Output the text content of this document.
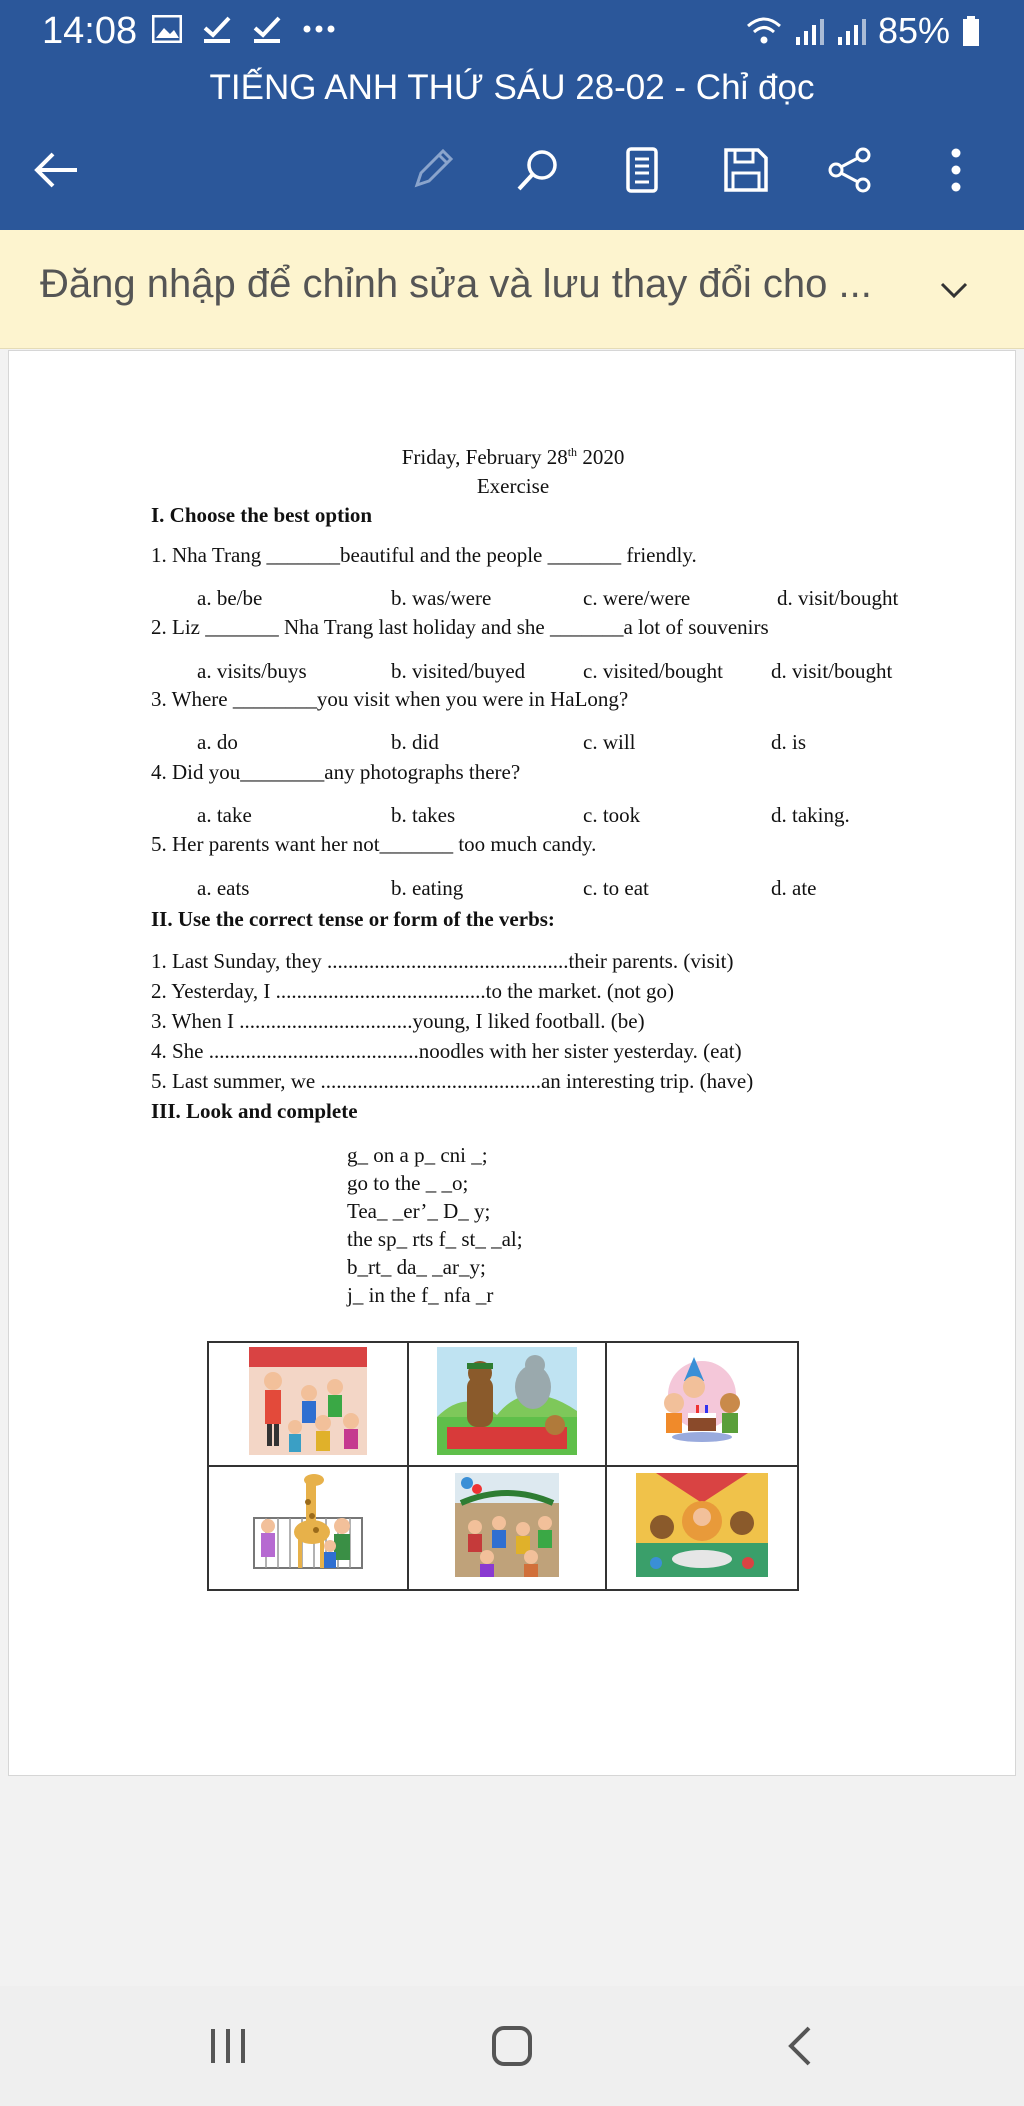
14:08	85%
TIẾNG ANH THỨ SÁU 28-02 - Chỉ đọc
Đăng nhập để chỉnh sửa và lưu thay đổi cho ...
Friday, February 28th 2020
Exercise
I. Choose the best option
1. Nha Trang _______beautiful and the people _______ friendly.
a. be/be	b. was/were	c. were/were	d. visit/bought
2. Liz _______ Nha Trang last holiday and she _______a lot of souvenirs
a. visits/buys	b. visited/buyed	c. visited/bought d. visit/bought
3. Where ________you visit when you were in HaLong?
a. do	b. did	c. will	d. is
4. Did you________any photographs there?
a. take	b. takes	c. took	d. taking.
5. Her parents want her not_______ too much candy.
a. eats	b. eating	c. to eat	d. ate
II. Use the correct tense or form of the verbs:
1. Last Sunday, they ..............................................their parents. (visit)
2. Yesterday, I ........................................to the market. (not go)
3. When I .................................young, I liked football. (be)
4. She ........................................noodles with her sister yesterday. (eat)
5. Last summer, we ..........................................an interesting trip. (have)
III. Look and complete
g_ on a p_ cni _;
go to the _ _o;
Tea_ _er’_ D_ y;
the sp_ rts f_ st_ _al;
b_rt_ da_ _ar_y;
j_ in the f_ nfa _r
